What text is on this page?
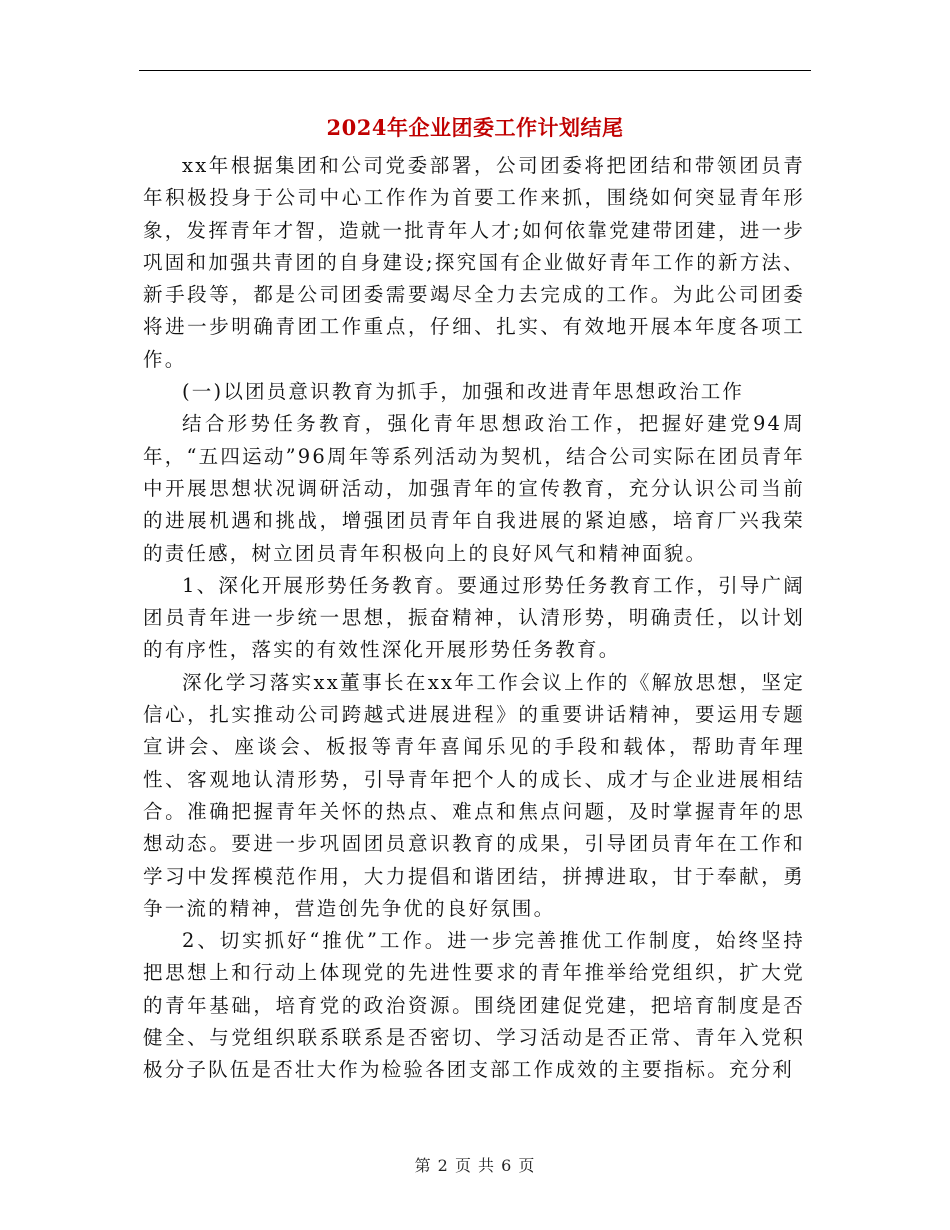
2024年企业团委工作计划结尾

xx年根据集团和公司党委部署，公司团委将把团结和带领团员青年积极投身于公司中心工作作为首要工作来抓，围绕如何突显青年形象，发挥青年才智，造就一批青年人才;如何依靠党建带团建，进一步巩固和加强共青团的自身建设;探究国有企业做好青年工作的新方法、新手段等，都是公司团委需要竭尽全力去完成的工作。为此公司团委将进一步明确青团工作重点，仔细、扎实、有效地开展本年度各项工作。

(一)以团员意识教育为抓手，加强和改进青年思想政治工作

结合形势任务教育，强化青年思想政治工作，把握好建党94周年，“五四运动”96周年等系列活动为契机，结合公司实际在团员青年中开展思想状况调研活动，加强青年的宣传教育，充分认识公司当前的进展机遇和挑战，增强团员青年自我进展的紧迫感，培育厂兴我荣的责任感，树立团员青年积极向上的良好风气和精神面貌。

1、深化开展形势任务教育。要通过形势任务教育工作，引导广阔团员青年进一步统一思想，振奋精神，认清形势，明确责任，以计划的有序性，落实的有效性深化开展形势任务教育。

深化学习落实xx董事长在xx年工作会议上作的《解放思想，坚定信心，扎实推动公司跨越式进展进程》的重要讲话精神，要运用专题宣讲会、座谈会、板报等青年喜闻乐见的手段和载体，帮助青年理性、客观地认清形势，引导青年把个人的成长、成才与企业进展相结合。准确把握青年关怀的热点、难点和焦点问题，及时掌握青年的思想动态。要进一步巩固团员意识教育的成果，引导团员青年在工作和学习中发挥模范作用，大力提倡和谐团结，拼搏进取，甘于奉献，勇争一流的精神，营造创先争优的良好氛围。

2、切实抓好“推优”工作。进一步完善推优工作制度，始终坚持把思想上和行动上体现党的先进性要求的青年推举给党组织，扩大党的青年基础，培育党的政治资源。围绕团建促党建，把培育制度是否健全、与党组织联系联系是否密切、学习活动是否正常、青年入党积极分子队伍是否壮大作为检验各团支部工作成效的主要指标。充分利

第 2 页 共 6 页
